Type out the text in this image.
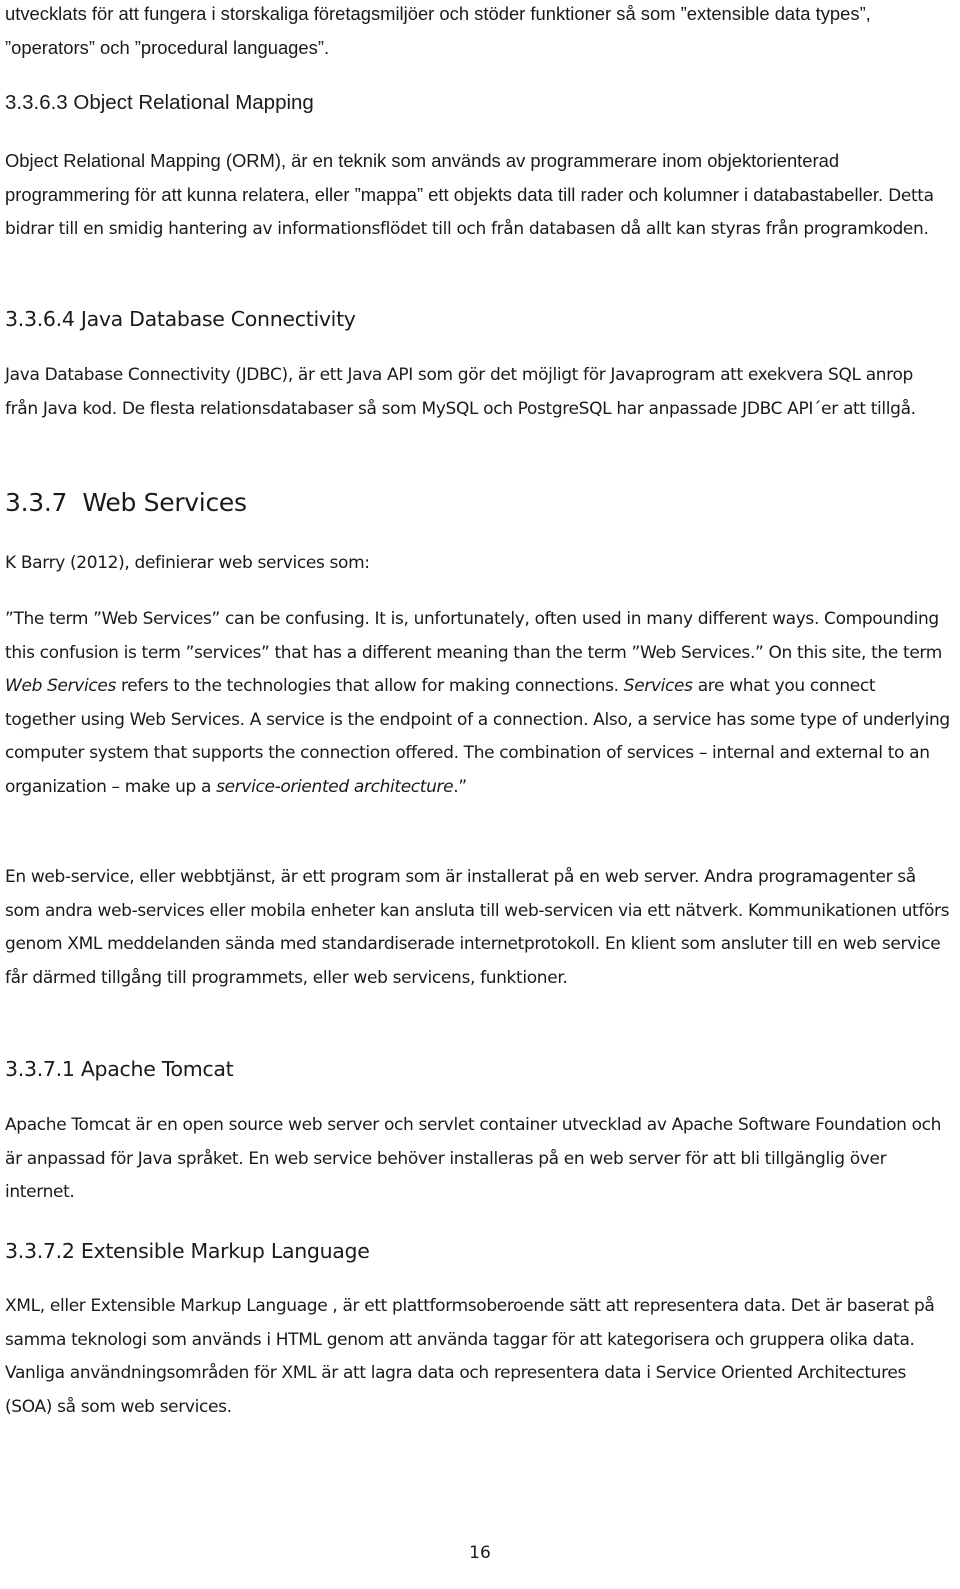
utvecklats för att fungera i storskaliga företagsmiljöer och stöder funktioner så som ”extensible data types”, ”operators” och ”procedural languages”.

3.3.6.3 Object Relational Mapping

Object Relational Mapping (ORM), är en teknik som används av programmerare inom objektorienterad programmering för att kunna relatera, eller ”mappa” ett objekts data till rader och kolumner i databastabeller. Detta bidrar till en smidig hantering av informationsflödet till och från databasen då allt kan styras från programkoden.

3.3.6.4 Java Database Connectivity

Java Database Connectivity (JDBC), är ett Java API som gör det möjligt för Javaprogram att exekvera SQL anrop från Java kod. De flesta relationsdatabaser så som MySQL och PostgreSQL har anpassade JDBC API´er att tillgå.

3.3.7 Web Services

K Barry (2012), definierar web services som:

”The term ”Web Services” can be confusing. It is, unfortunately, often used in many different ways. Compounding this confusion is term ”services” that has a different meaning than the term ”Web Services.” On this site, the term Web Services refers to the technologies that allow for making connections. Services are what you connect together using Web Services. A service is the endpoint of a connection. Also, a service has some type of underlying computer system that supports the connection offered. The combination of services – internal and external to an organization – make up a service-oriented architecture.”

En web-service, eller webbtjänst, är ett program som är installerat på en web server. Andra programagenter så som andra web-services eller mobila enheter kan ansluta till web-servicen via ett nätverk. Kommunikationen utförs genom XML meddelanden sända med standardiserade internetprotokoll. En klient som ansluter till en web service får därmed tillgång till programmets, eller web servicens, funktioner.

3.3.7.1 Apache Tomcat

Apache Tomcat är en open source web server och servlet container utvecklad av Apache Software Foundation och är anpassad för Java språket. En web service behöver installeras på en web server för att bli tillgänglig över internet.

3.3.7.2 Extensible Markup Language

XML, eller Extensible Markup Language , är ett plattformsoberoende sätt att representera data. Det är baserat på samma teknologi som används i HTML genom att använda taggar för att kategorisera och gruppera olika data. Vanliga användningsområden för XML är att lagra data och representera data i Service Oriented Architectures (SOA) så som web services.

16
